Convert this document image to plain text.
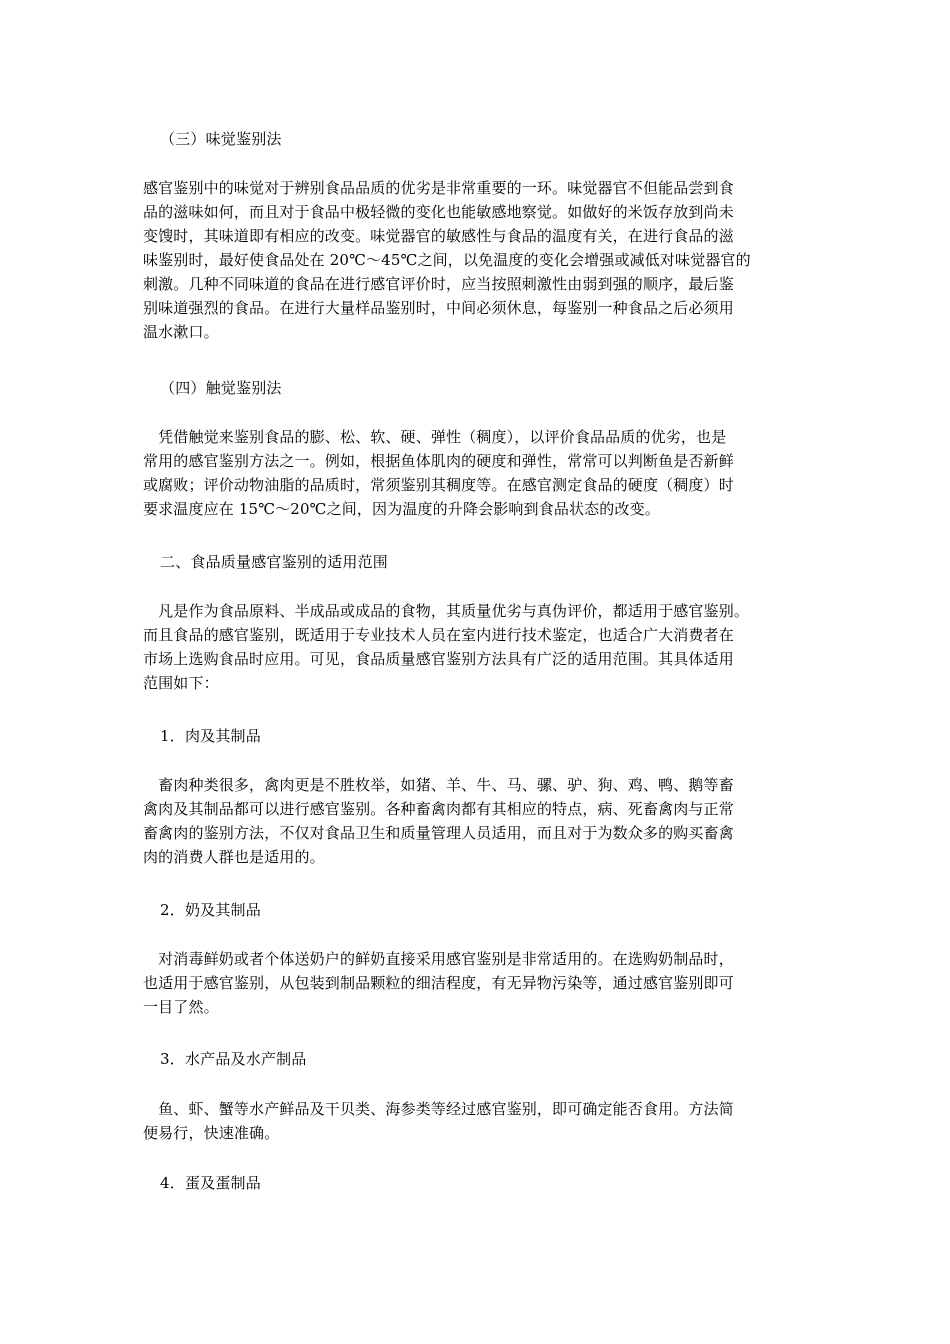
（三）味觉鉴别法
感官鉴别中的味觉对于辨别食品品质的优劣是非常重要的一环。味觉器官不但能品尝到食
品的滋味如何，而且对于食品中极轻微的变化也能敏感地察觉。如做好的米饭存放到尚未
变馊时，其味道即有相应的改变。味觉器官的敏感性与食品的温度有关，在进行食品的滋
味鉴别时，最好使食品处在 20℃～45℃之间，以免温度的变化会增强或减低对味觉器官的
刺激。几种不同味道的食品在进行感官评价时，应当按照刺激性由弱到强的顺序，最后鉴
别味道强烈的食品。在进行大量样品鉴别时，中间必须休息，每鉴别一种食品之后必须用
温水漱口。
（四）触觉鉴别法
　凭借触觉来鉴别食品的膨、松、软、硬、弹性（稠度），以评价食品品质的优劣，也是
常用的感官鉴别方法之一。例如，根据鱼体肌肉的硬度和弹性，常常可以判断鱼是否新鲜
或腐败；评价动物油脂的品质时，常须鉴别其稠度等。在感官测定食品的硬度（稠度）时
要求温度应在 15℃～20℃之间，因为温度的升降会影响到食品状态的改变。
二、食品质量感官鉴别的适用范围
　凡是作为食品原料、半成品或成品的食物，其质量优劣与真伪评价，都适用于感官鉴别。
而且食品的感官鉴别，既适用于专业技术人员在室内进行技术鉴定，也适合广大消费者在
市场上选购食品时应用。可见，食品质量感官鉴别方法具有广泛的适用范围。其具体适用
范围如下：
1．肉及其制品
　畜肉种类很多，禽肉更是不胜枚举，如猪、羊、牛、马、骡、驴、狗、鸡、鸭、鹅等畜
禽肉及其制品都可以进行感官鉴别。各种畜禽肉都有其相应的特点，病、死畜禽肉与正常
畜禽肉的鉴别方法，不仅对食品卫生和质量管理人员适用，而且对于为数众多的购买畜禽
肉的消费人群也是适用的。
2．奶及其制品
　对消毒鲜奶或者个体送奶户的鲜奶直接采用感官鉴别是非常适用的。在选购奶制品时，
也适用于感官鉴别，从包装到制品颗粒的细洁程度，有无异物污染等，通过感官鉴别即可
一目了然。
3．水产品及水产制品
　鱼、虾、蟹等水产鲜品及干贝类、海参类等经过感官鉴别，即可确定能否食用。方法简
便易行，快速准确。
4．蛋及蛋制品
